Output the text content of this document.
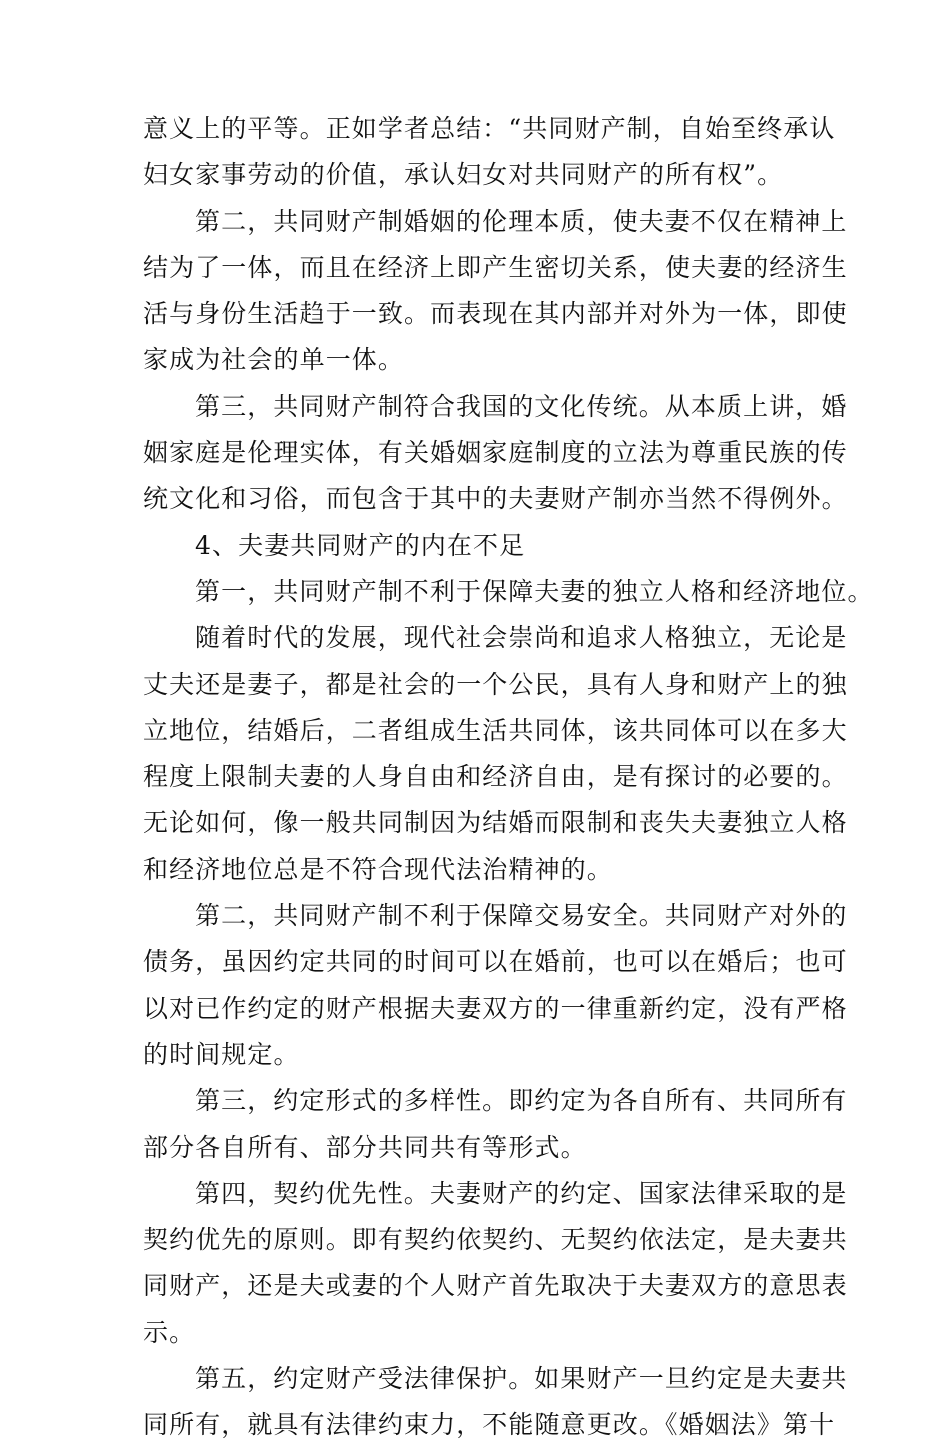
意义上的平等。正如学者总结：“共同财产制，自始至终承认
妇女家事劳动的价值，承认妇女对共同财产的所有权”。
第二，共同财产制婚姻的伦理本质，使夫妻不仅在精神上
结为了一体，而且在经济上即产生密切关系，使夫妻的经济生
活与身份生活趋于一致。而表现在其内部并对外为一体，即使
家成为社会的单一体。
第三，共同财产制符合我国的文化传统。从本质上讲，婚
姻家庭是伦理实体，有关婚姻家庭制度的立法为尊重民族的传
统文化和习俗，而包含于其中的夫妻财产制亦当然不得例外。
4、夫妻共同财产的内在不足
第一，共同财产制不利于保障夫妻的独立人格和经济地位。
随着时代的发展，现代社会崇尚和追求人格独立，无论是
丈夫还是妻子，都是社会的一个公民，具有人身和财产上的独
立地位，结婚后，二者组成生活共同体，该共同体可以在多大
程度上限制夫妻的人身自由和经济自由，是有探讨的必要的。
无论如何，像一般共同制因为结婚而限制和丧失夫妻独立人格
和经济地位总是不符合现代法治精神的。
第二，共同财产制不利于保障交易安全。共同财产对外的
债务，虽因约定共同的时间可以在婚前，也可以在婚后；也可
以对已作约定的财产根据夫妻双方的一律重新约定，没有严格
的时间规定。
第三，约定形式的多样性。即约定为各自所有、共同所有
部分各自所有、部分共同共有等形式。
第四，契约优先性。夫妻财产的约定、国家法律采取的是
契约优先的原则。即有契约依契约、无契约依法定，是夫妻共
同财产，还是夫或妻的个人财产首先取决于夫妻双方的意思表
示。
第五，约定财产受法律保护。如果财产一旦约定是夫妻共
同所有，就具有法律约束力，不能随意更改。《婚姻法》第十
